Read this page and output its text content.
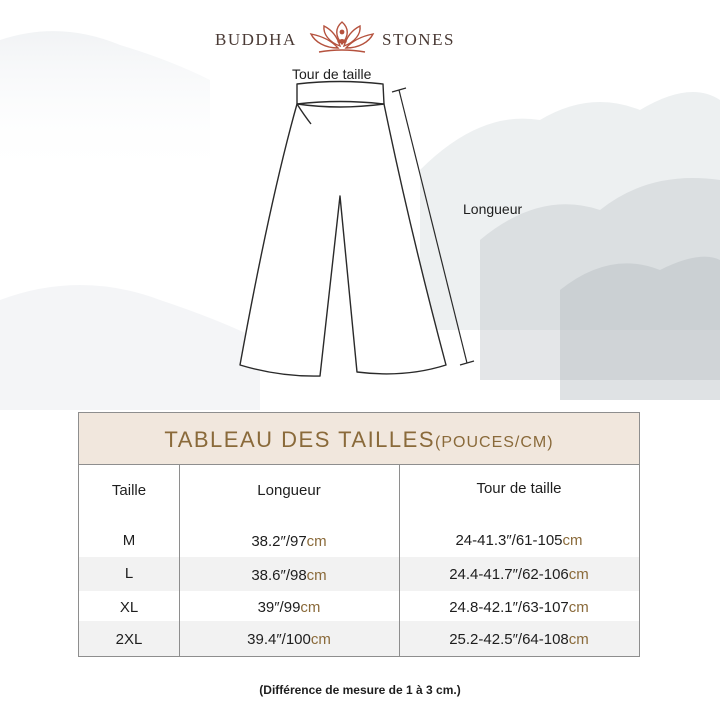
BUDDHA	STONES
Tour de taille
Longueur
TABLEAU DES TAILLES(POUCES/CM)
Taille	Longueur	Tour de taille
M	38.2″/97cm	24-41.3″/61-105cm
L	38.6″/98cm	24.4-41.7″/62-106cm
XL	39″/99cm	24.8-42.1″/63-107cm
2XL	39.4″/100cm	25.2-42.5″/64-108cm
(Différence de mesure de 1 à 3 cm.)
